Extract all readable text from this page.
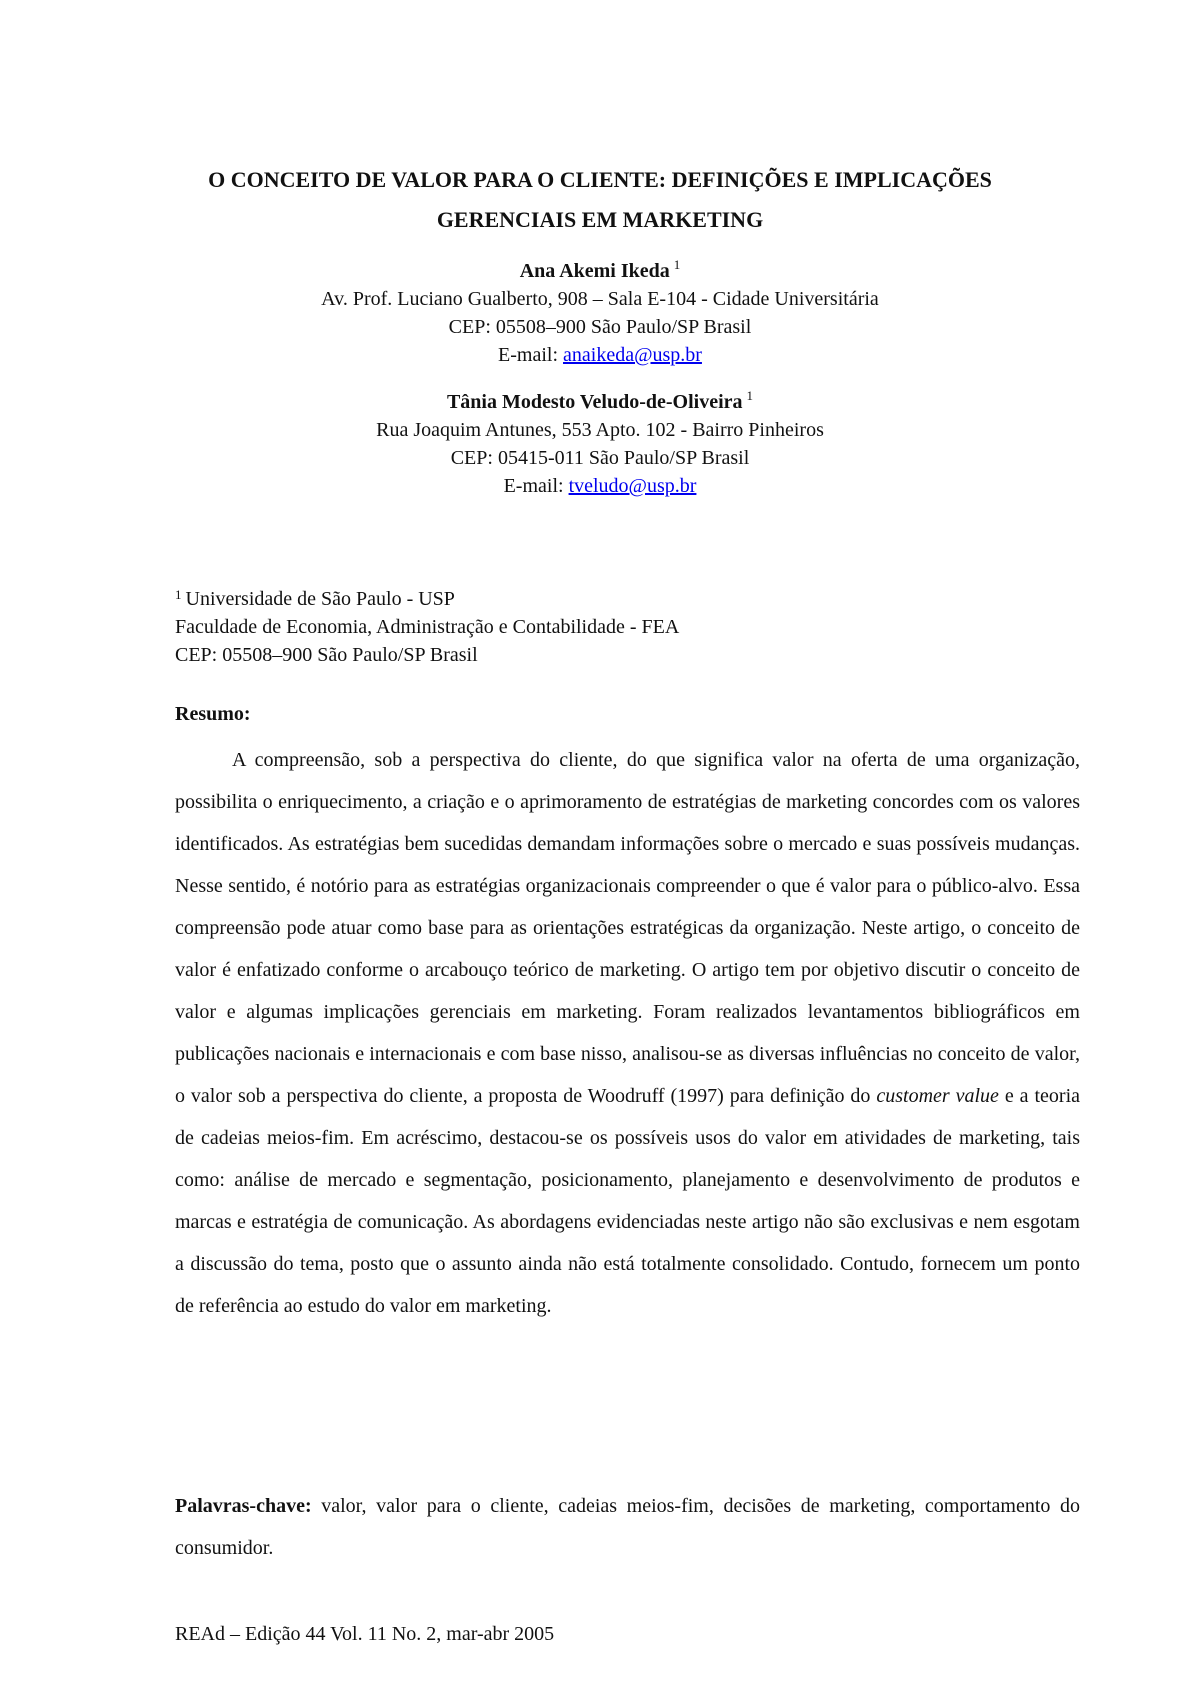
O CONCEITO DE VALOR PARA O CLIENTE: DEFINIÇÕES E IMPLICAÇÕES
GERENCIAIS EM MARKETING
Ana Akemi Ikeda $^1$
Av. Prof. Luciano Gualberto, 908 – Sala E-104 - Cidade Universitária
CEP: 05508–900 São Paulo/SP Brasil
E-mail: anaikeda@usp.br
Tânia Modesto Veludo-de-Oliveira $^1$
Rua Joaquim Antunes, 553 Apto. 102 - Bairro Pinheiros
CEP: 05415-011 São Paulo/SP Brasil
E-mail: tveludo@usp.br
$^1$ Universidade de São Paulo - USP
Faculdade de Economia, Administração e Contabilidade - FEA
CEP: 05508–900 São Paulo/SP Brasil
Resumo:

A compreensão, sob a perspectiva do cliente, do que significa valor na oferta de uma organização, possibilita o enriquecimento, a criação e o aprimoramento de estratégias de marketing concordes com os valores identificados. As estratégias bem sucedidas demandam informações sobre o mercado e suas possíveis mudanças. Nesse sentido, é notório para as estratégias organizacionais compreender o que é valor para o público-alvo. Essa compreensão pode atuar como base para as orientações estratégicas da organização. Neste artigo, o conceito de valor é enfatizado conforme o arcabouço teórico de marketing. O artigo tem por objetivo discutir o conceito de valor e algumas implicações gerenciais em marketing. Foram realizados levantamentos bibliográficos em publicações nacionais e internacionais e com base nisso, analisou-se as diversas influências no conceito de valor, o valor sob a perspectiva do cliente, a proposta de Woodruff (1997) para definição do customer value e a teoria de cadeias meios-fim. Em acréscimo, destacou-se os possíveis usos do valor em atividades de marketing, tais como: análise de mercado e segmentação, posicionamento, planejamento e desenvolvimento de produtos e marcas e estratégia de comunicação. As abordagens evidenciadas neste artigo não são exclusivas e nem esgotam a discussão do tema, posto que o assunto ainda não está totalmente consolidado. Contudo, fornecem um ponto de referência ao estudo do valor em marketing.

Palavras-chave: valor, valor para o cliente, cadeias meios-fim, decisões de marketing, comportamento do consumidor.

REAd – Edição 44 Vol. 11 No. 2, mar-abr 2005
